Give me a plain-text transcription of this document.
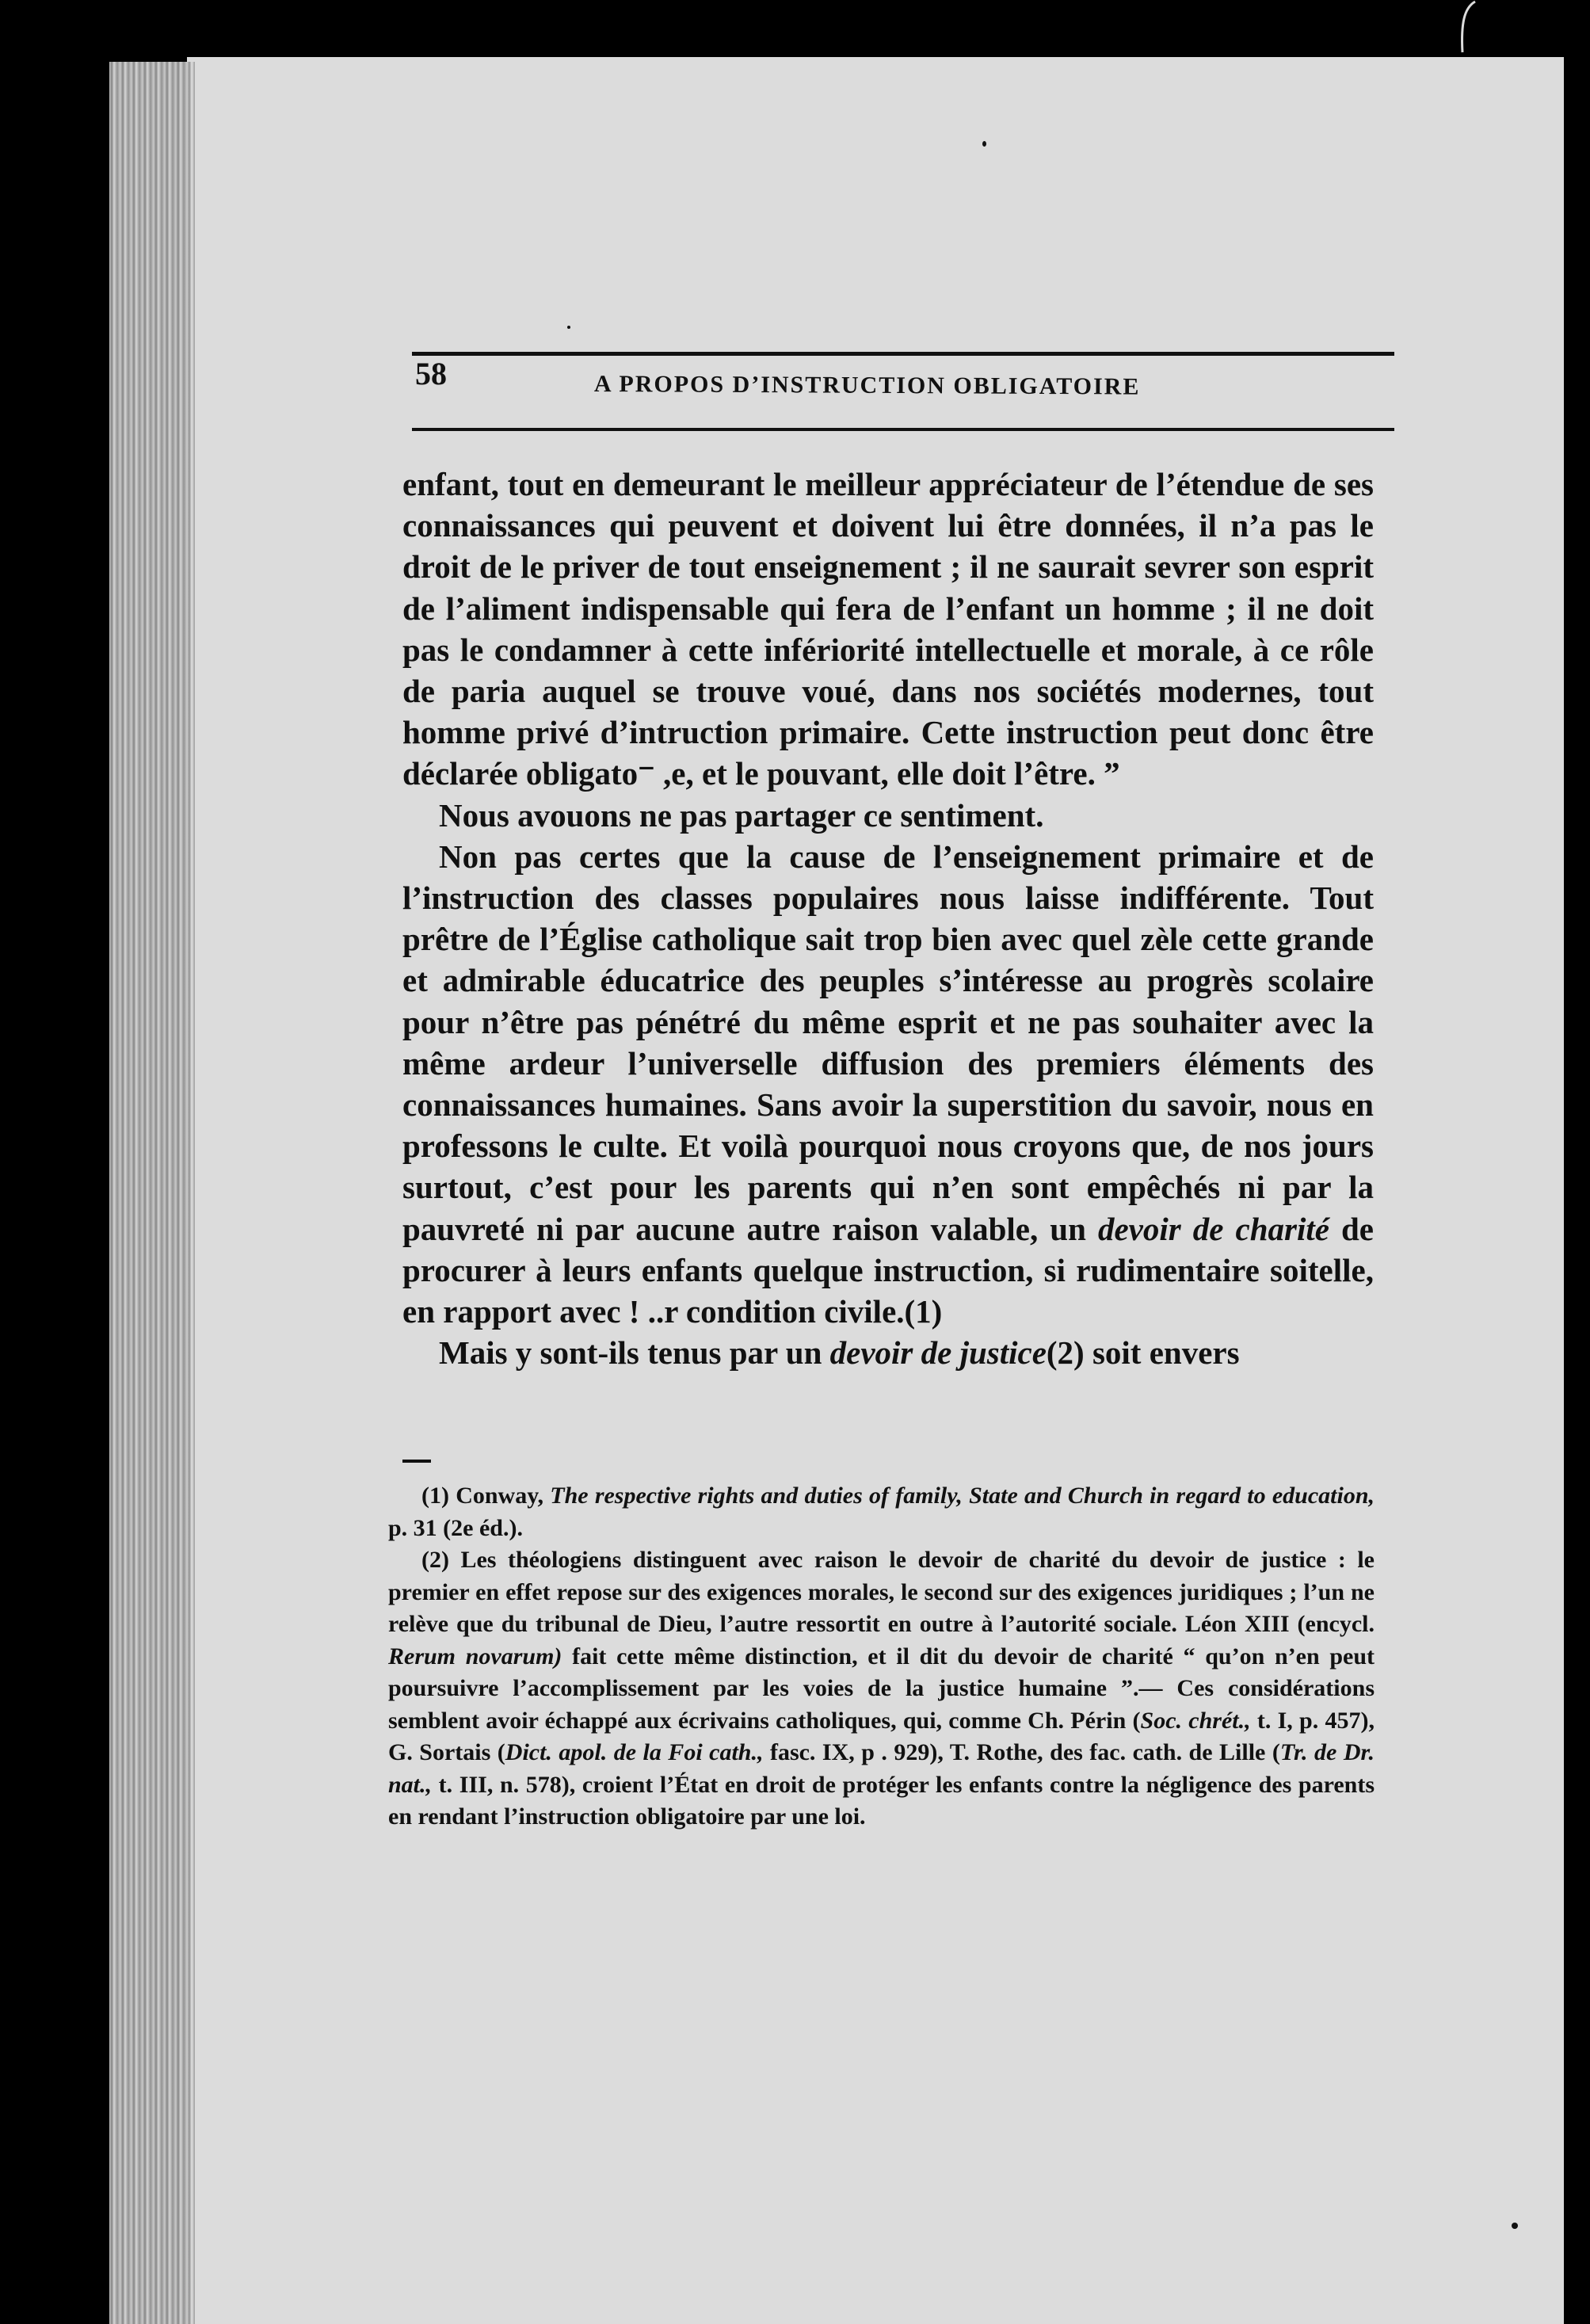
58	A PROPOS D’INSTRUCTION OBLIGATOIRE

enfant, tout en demeurant le meilleur appréciateur de l’étendue de ses connaissances qui peuvent et doivent lui être données, il n’a pas le droit de le priver de tout enseignement ; il ne saurait sevrer son esprit de l’aliment indispensable qui fera de l’enfant un homme ; il ne doit pas le condamner à cette infériorité intellectuelle et morale, à ce rôle de paria auquel se trouve voué, dans nos sociétés modernes, tout homme privé d’intruction primaire. Cette instruction peut donc être déclarée obligato⁻ ,e, et le pouvant, elle doit l’être. ”

Nous avouons ne pas partager ce sentiment.

Non pas certes que la cause de l’enseignement primaire et de l’instruction des classes populaires nous laisse indifférente. Tout prêtre de l’Église catholique sait trop bien avec quel zèle cette grande et admirable éducatrice des peuples s’intéresse au progrès scolaire pour n’être pas pénétré du même esprit et ne pas souhaiter avec la même ardeur l’universelle diffusion des premiers éléments des connaissances humaines. Sans avoir la superstition du savoir, nous en professons le culte. Et voilà pourquoi nous croyons que, de nos jours surtout, c’est pour les parents qui n’en sont empêchés ni par la pauvreté ni par aucune autre raison valable, un devoir de charité de procurer à leurs enfants quelque instruction, si rudimentaire soitelle, en rapport avec ! ..r condition civile.(1)

Mais y sont-ils tenus par un devoir de justice(2) soit envers

(1) Conway, The respective rights and duties of family, State and Church in regard to education, p. 31 (2e éd.).

(2) Les théologiens distinguent avec raison le devoir de charité du devoir de justice : le premier en effet repose sur des exigences morales, le second sur des exigences juridiques ; l’un ne relève que du tribunal de Dieu, l’autre ressortit en outre à l’autorité sociale. Léon XIII (encycl. Rerum novarum) fait cette même distinction, et il dit du devoir de charité “ qu’on n’en peut poursuivre l’accomplissement par les voies de la justice humaine ”.— Ces considérations semblent avoir échappé aux écrivains catholiques, qui, comme Ch. Périn (Soc. chrét., t. I, p. 457), G. Sortais (Dict. apol. de la Foi cath., fasc. IX, p . 929), T. Rothe, des fac. cath. de Lille (Tr. de Dr. nat., t. III, n. 578), croient l’État en droit de protéger les enfants contre la négligence des parents en rendant l’instruction obligatoire par une loi.
